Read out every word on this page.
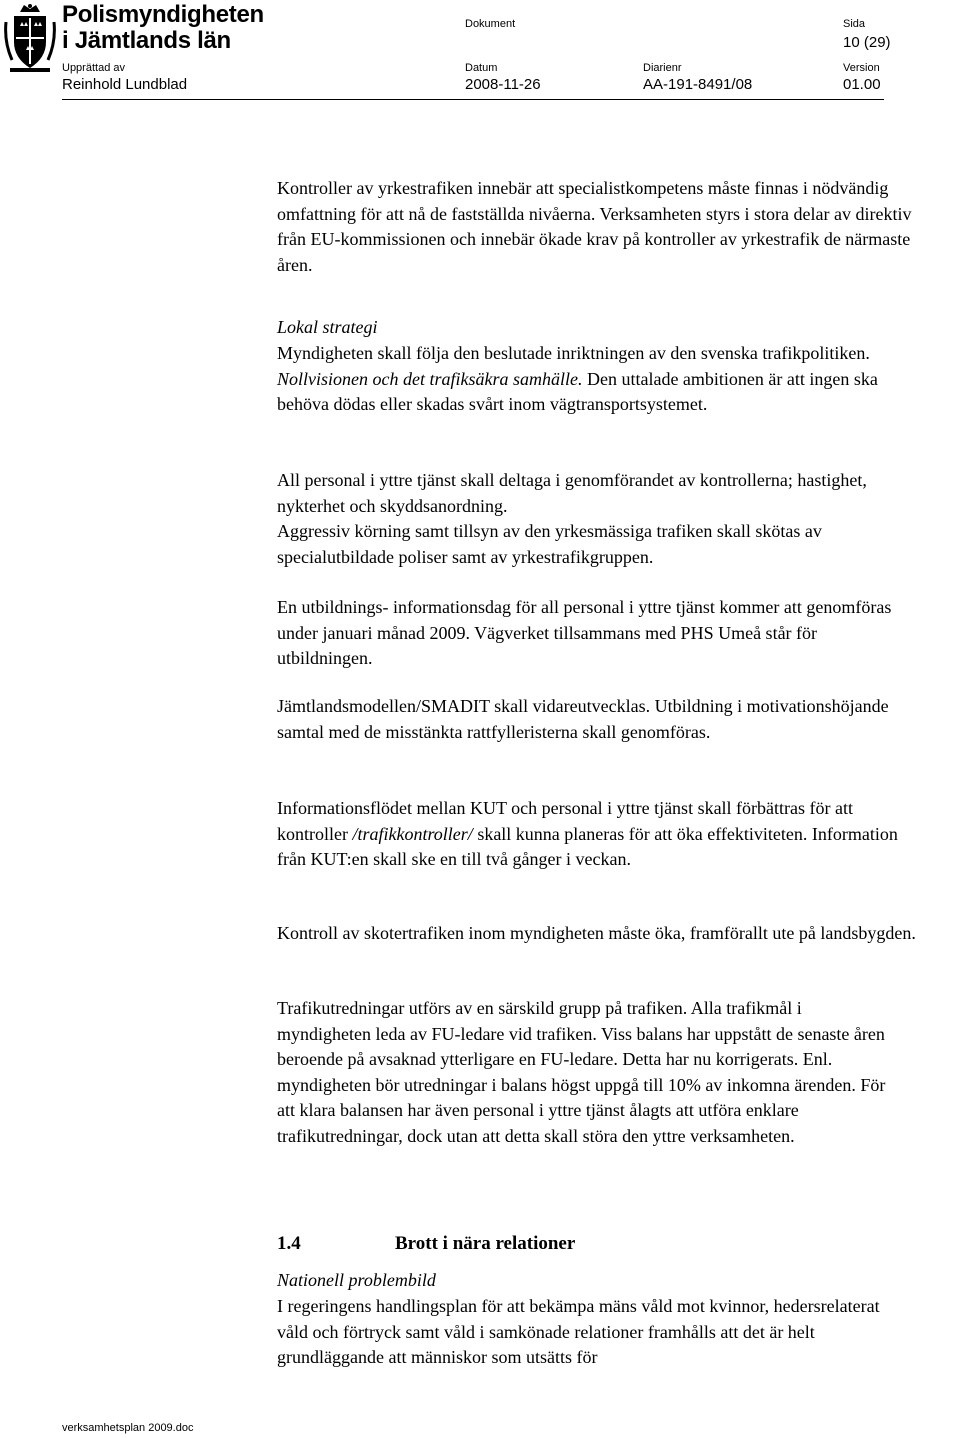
Polismyndigheten
i Jämtlands län
Dokument	Sida
10 (29)
Upprättad av
Reinhold Lundblad
Datum
2008-11-26
Diarienr
AA-191-8491/08
Version
01.00

Kontroller av yrkestrafiken innebär att specialistkompetens måste finnas i nödvändig omfattning för att nå de fastställda nivåerna. Verksamheten styrs i stora delar av direktiv från EU-kommissionen och innebär ökade krav på kontroller av yrkestrafik de närmaste åren.

Lokal strategi

Myndigheten skall följa den beslutade inriktningen av den svenska trafikpolitiken. Nollvisionen och det trafiksäkra samhälle. Den uttalade ambitionen är att ingen ska behöva dödas eller skadas svårt inom vägtransportsystemet.

All personal i yttre tjänst skall deltaga i genomförandet av kontrollerna; hastighet, nykterhet och skyddsanordning.

Aggressiv körning samt tillsyn av den yrkesmässiga trafiken skall skötas av specialutbildade poliser samt av yrkestrafikgruppen.

En utbildnings- informationsdag för all personal i yttre tjänst kommer att genomföras under januari månad 2009. Vägverket tillsammans med PHS Umeå står för utbildningen.

Jämtlandsmodellen/SMADIT skall vidareutvecklas. Utbildning i motivationshöjande samtal med de misstänkta rattfylleristerna skall genomföras.

Informationsflödet mellan KUT och personal i yttre tjänst skall förbättras för att kontroller /trafikkontroller/ skall kunna planeras för att öka effektiviteten. Information från KUT:en skall ske en till två gånger i veckan.

Kontroll av skotertrafiken inom myndigheten måste öka, framförallt ute på landsbygden.

Trafikutredningar utförs av en särskild grupp på trafiken. Alla trafikmål i myndigheten leda av FU-ledare vid trafiken. Viss balans har uppstått de senaste åren beroende på avsaknad ytterligare en FU-ledare. Detta har nu korrigerats. Enl. myndigheten bör utredningar i balans högst uppgå till 10% av inkomna ärenden. För att klara balansen har även personal i yttre tjänst ålagts att utföra enklare trafikutredningar, dock utan att detta skall störa den yttre verksamheten.

1.4	Brott i nära relationer

Nationell problembild

I regeringens handlingsplan för att bekämpa mäns våld mot kvinnor, hedersrelaterat våld och förtryck samt våld i samkönade relationer framhålls att det är helt grundläggande att människor som utsätts för

verksamhetsplan 2009.doc
